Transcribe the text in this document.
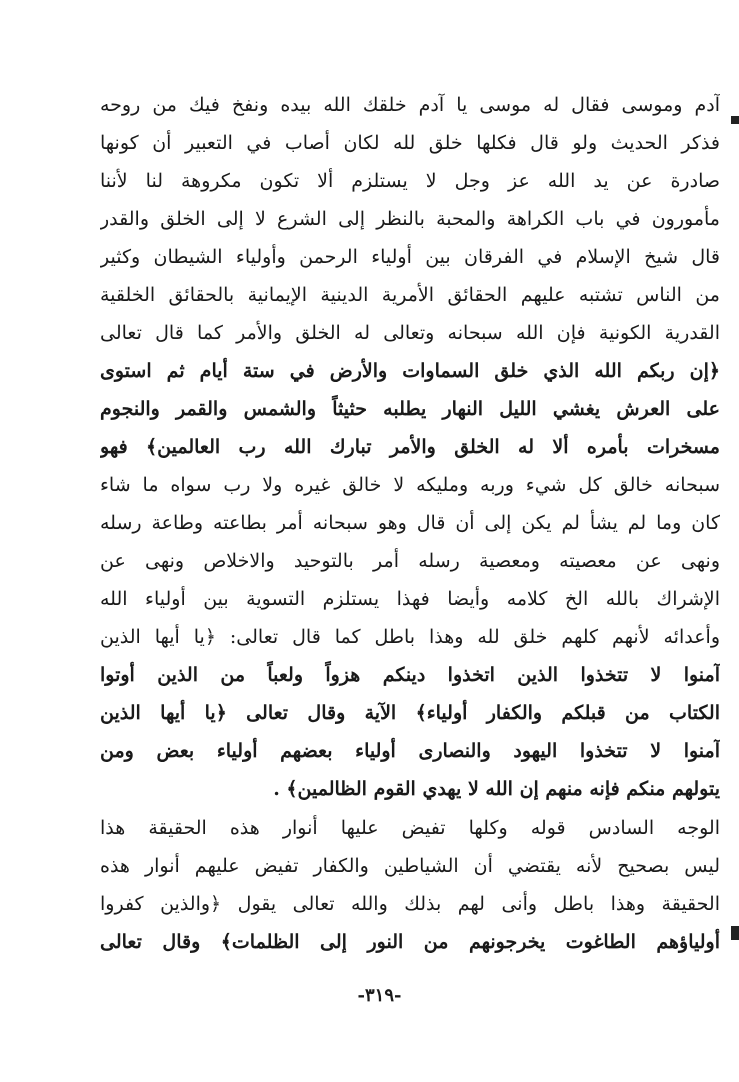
آدم وموسى فقال له موسى يا آدم خلقك الله بيده ونفخ فيك من روحه
فذكر الحديث ولو قال فكلها خلق لله لكان أصاب في التعبير أن كونها
صادرة عن يد الله عز وجل لا يستلزم ألا تكون مكروهة لنا لأننا
مأمورون في باب الكراهة والمحبة بالنظر إلى الشرع لا إلى الخلق والقدر
قال شيخ الإسلام في الفرقان بين أولياء الرحمن وأولياء الشيطان وكثير
من الناس تشتبه عليهم الحقائق الأمرية الدينية الإيمانية بالحقائق الخلقية
القدرية الكونية فإن الله سبحانه وتعالى له الخلق والأمر كما قال تعالى
﴿إن ربكم الله الذي خلق السماوات والأرض في ستة أيام ثم استوى
على العرش يغشي الليل النهار يطلبه حثيثاً والشمس والقمر والنجوم
مسخرات بأمره ألا له الخلق والأمر تبارك الله رب العالمين﴾ فهو
سبحانه خالق كل شيء وربه ومليكه لا خالق غيره ولا رب سواه ما شاء
كان وما لم يشأ لم يكن إلى أن قال وهو سبحانه أمر بطاعته وطاعة رسله
ونهى عن معصيته ومعصية رسله أمر بالتوحيد والاخلاص ونهى عن
الإشراك بالله الخ كلامه وأيضا فهذا يستلزم التسوية بين أولياء الله
وأعدائه لأنهم كلهم خلق لله وهذا باطل كما قال تعالى: ﴿يا أيها الذين
آمنوا لا تتخذوا الذين اتخذوا دينكم هزواً ولعباً من الذين أوتوا
الكتاب من قبلكم والكفار أولياء﴾ الآية وقال تعالى ﴿يا أيها الذين
آمنوا لا تتخذوا اليهود والنصارى أولياء بعضهم أولياء بعض ومن
يتولهم منكم فإنه منهم إن الله لا يهدي القوم الظالمين﴾ .
الوجه السادس قوله وكلها تفيض عليها أنوار هذه الحقيقة هذا
ليس بصحيح لأنه يقتضي أن الشياطين والكفار تفيض عليهم أنوار هذه
الحقيقة وهذا باطل وأنى لهم بذلك والله تعالى يقول ﴿والذين كفروا
أولياؤهم الطاغوت يخرجونهم من النور إلى الظلمات﴾ وقال تعالى
-٣١٩-
